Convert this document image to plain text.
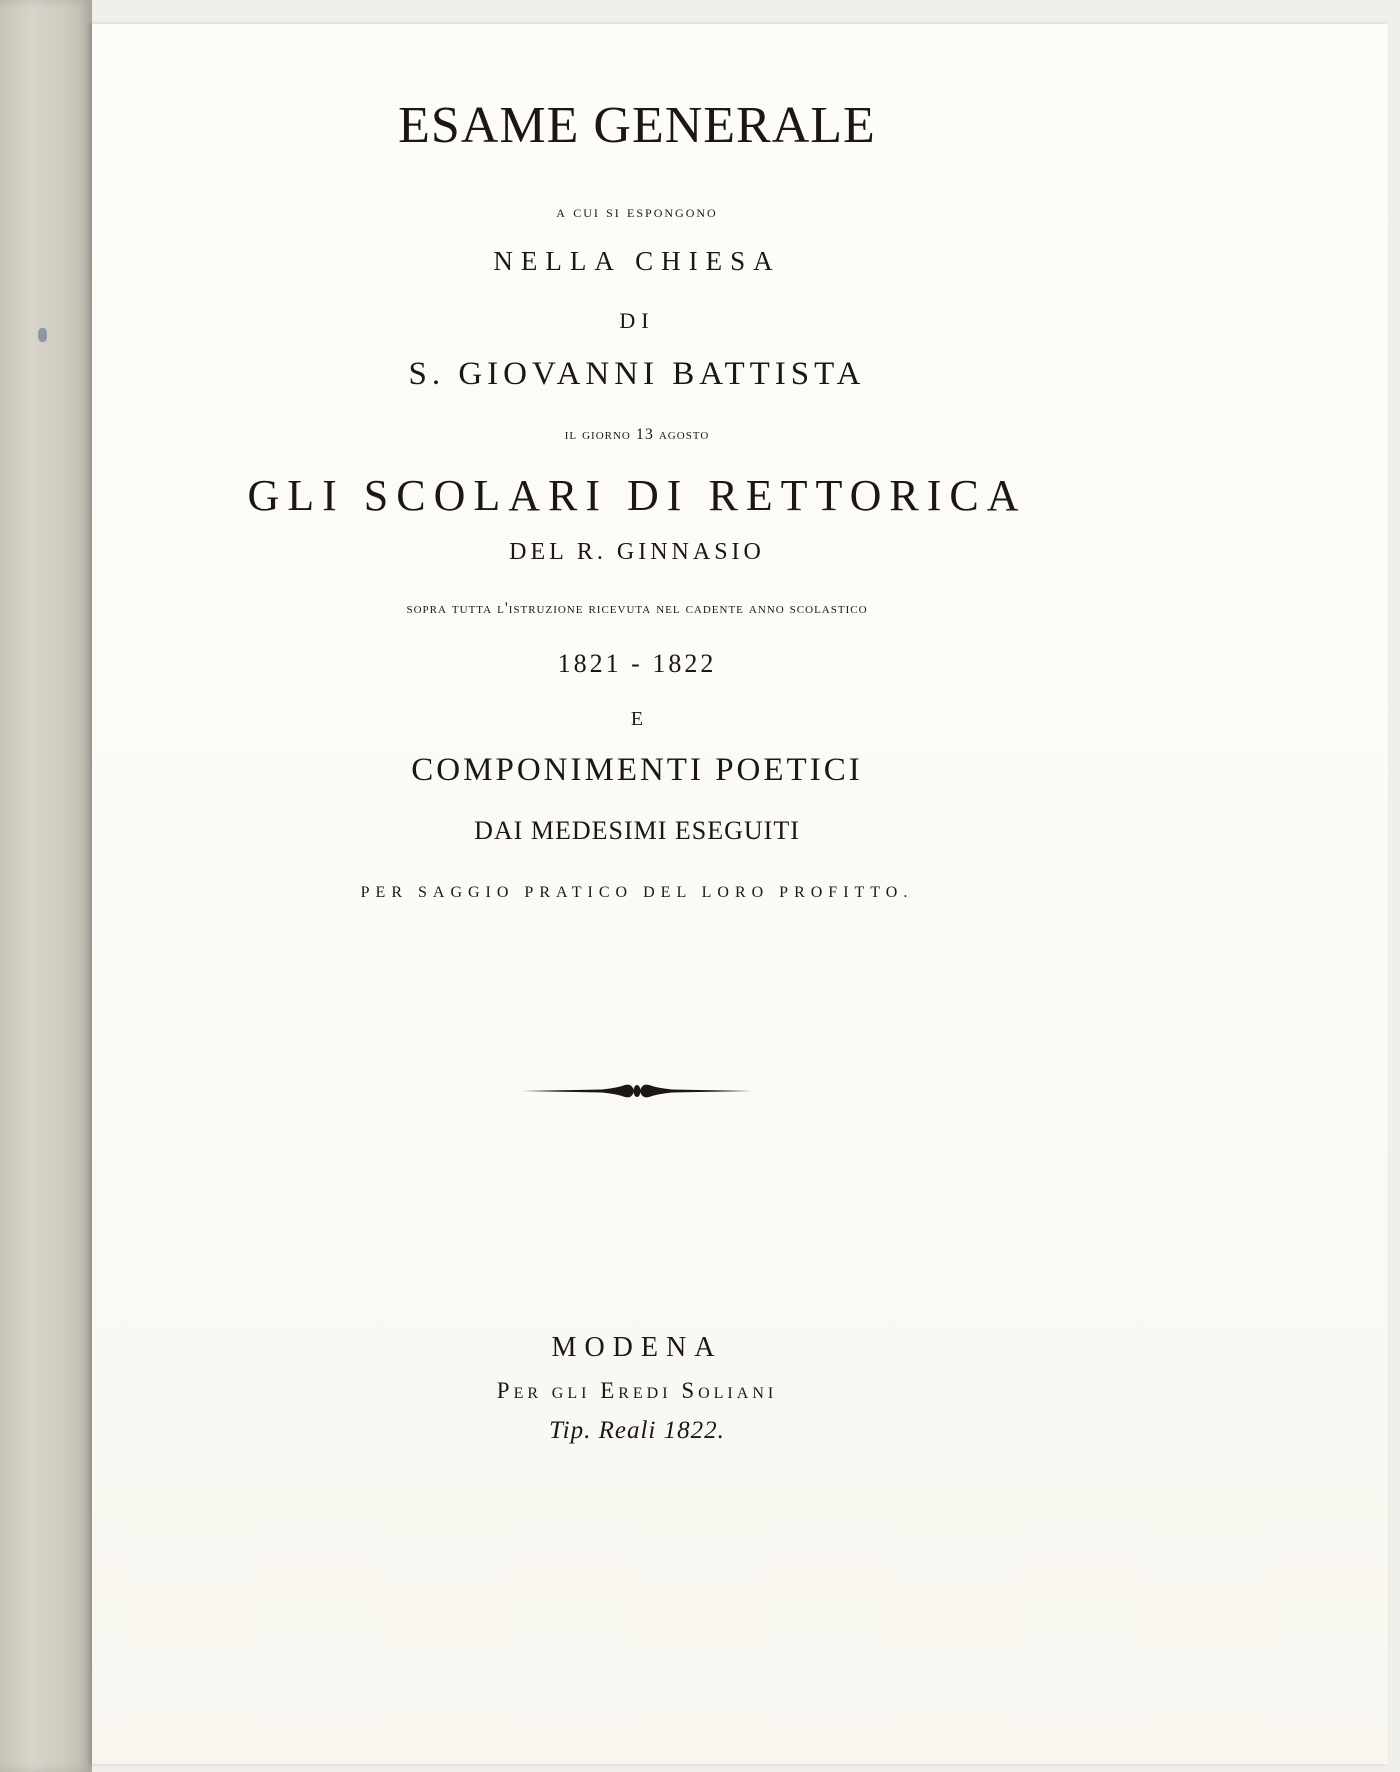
ESAME GENERALE
a cui si espongono
NELLA CHIESA
DI
S. GIOVANNI BATTISTA
il giorno 13 agosto
GLI SCOLARI DI RETTORICA
DEL R. GINNASIO
sopra tutta l'istruzione ricevuta nel cadente anno scolastico
1821 - 1822
E
COMPONIMENTI POETICI
DAI MEDESIMI ESEGUITI
PER SAGGIO PRATICO DEL LORO PROFITTO.
MODENA
Per gli Eredi Soliani
Tip. Reali 1822.
